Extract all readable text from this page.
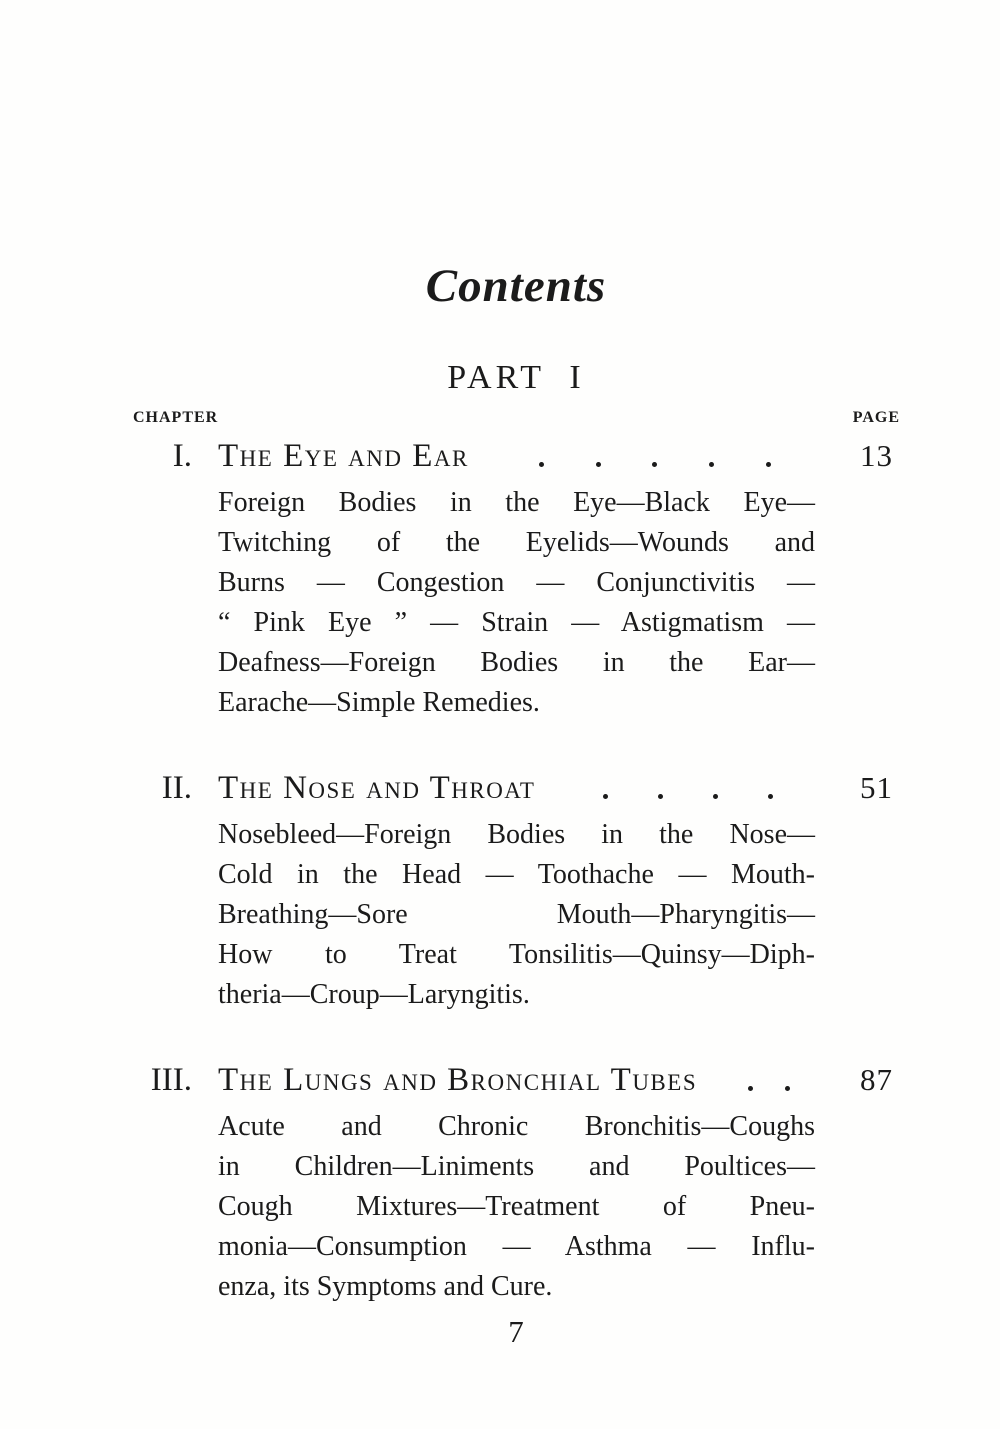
Contents
PART  I
CHAPTER	PAGE
I. The Eye and Ear	13
Foreign Bodies in the Eye—Black Eye—
Twitching of the Eyelids—Wounds and
Burns — Congestion — Conjunctivitis —
“ Pink Eye ” — Strain — Astigmatism —
Deafness—Foreign Bodies in the Ear—
Earache—Simple Remedies.
II. The Nose and Throat	51
Nosebleed—Foreign Bodies in the Nose—
Cold in the Head — Toothache — Mouth-
Breathing—Sore Mouth—Pharyngitis—
How to Treat Tonsilitis—Quinsy—Diph-
theria—Croup—Laryngitis.
III. The Lungs and Bronchial Tubes	87
Acute and Chronic Bronchitis—Coughs
in Children—Liniments and Poultices—
Cough Mixtures—Treatment of Pneu-
monia—Consumption — Asthma — Influ-
enza, its Symptoms and Cure.
7
